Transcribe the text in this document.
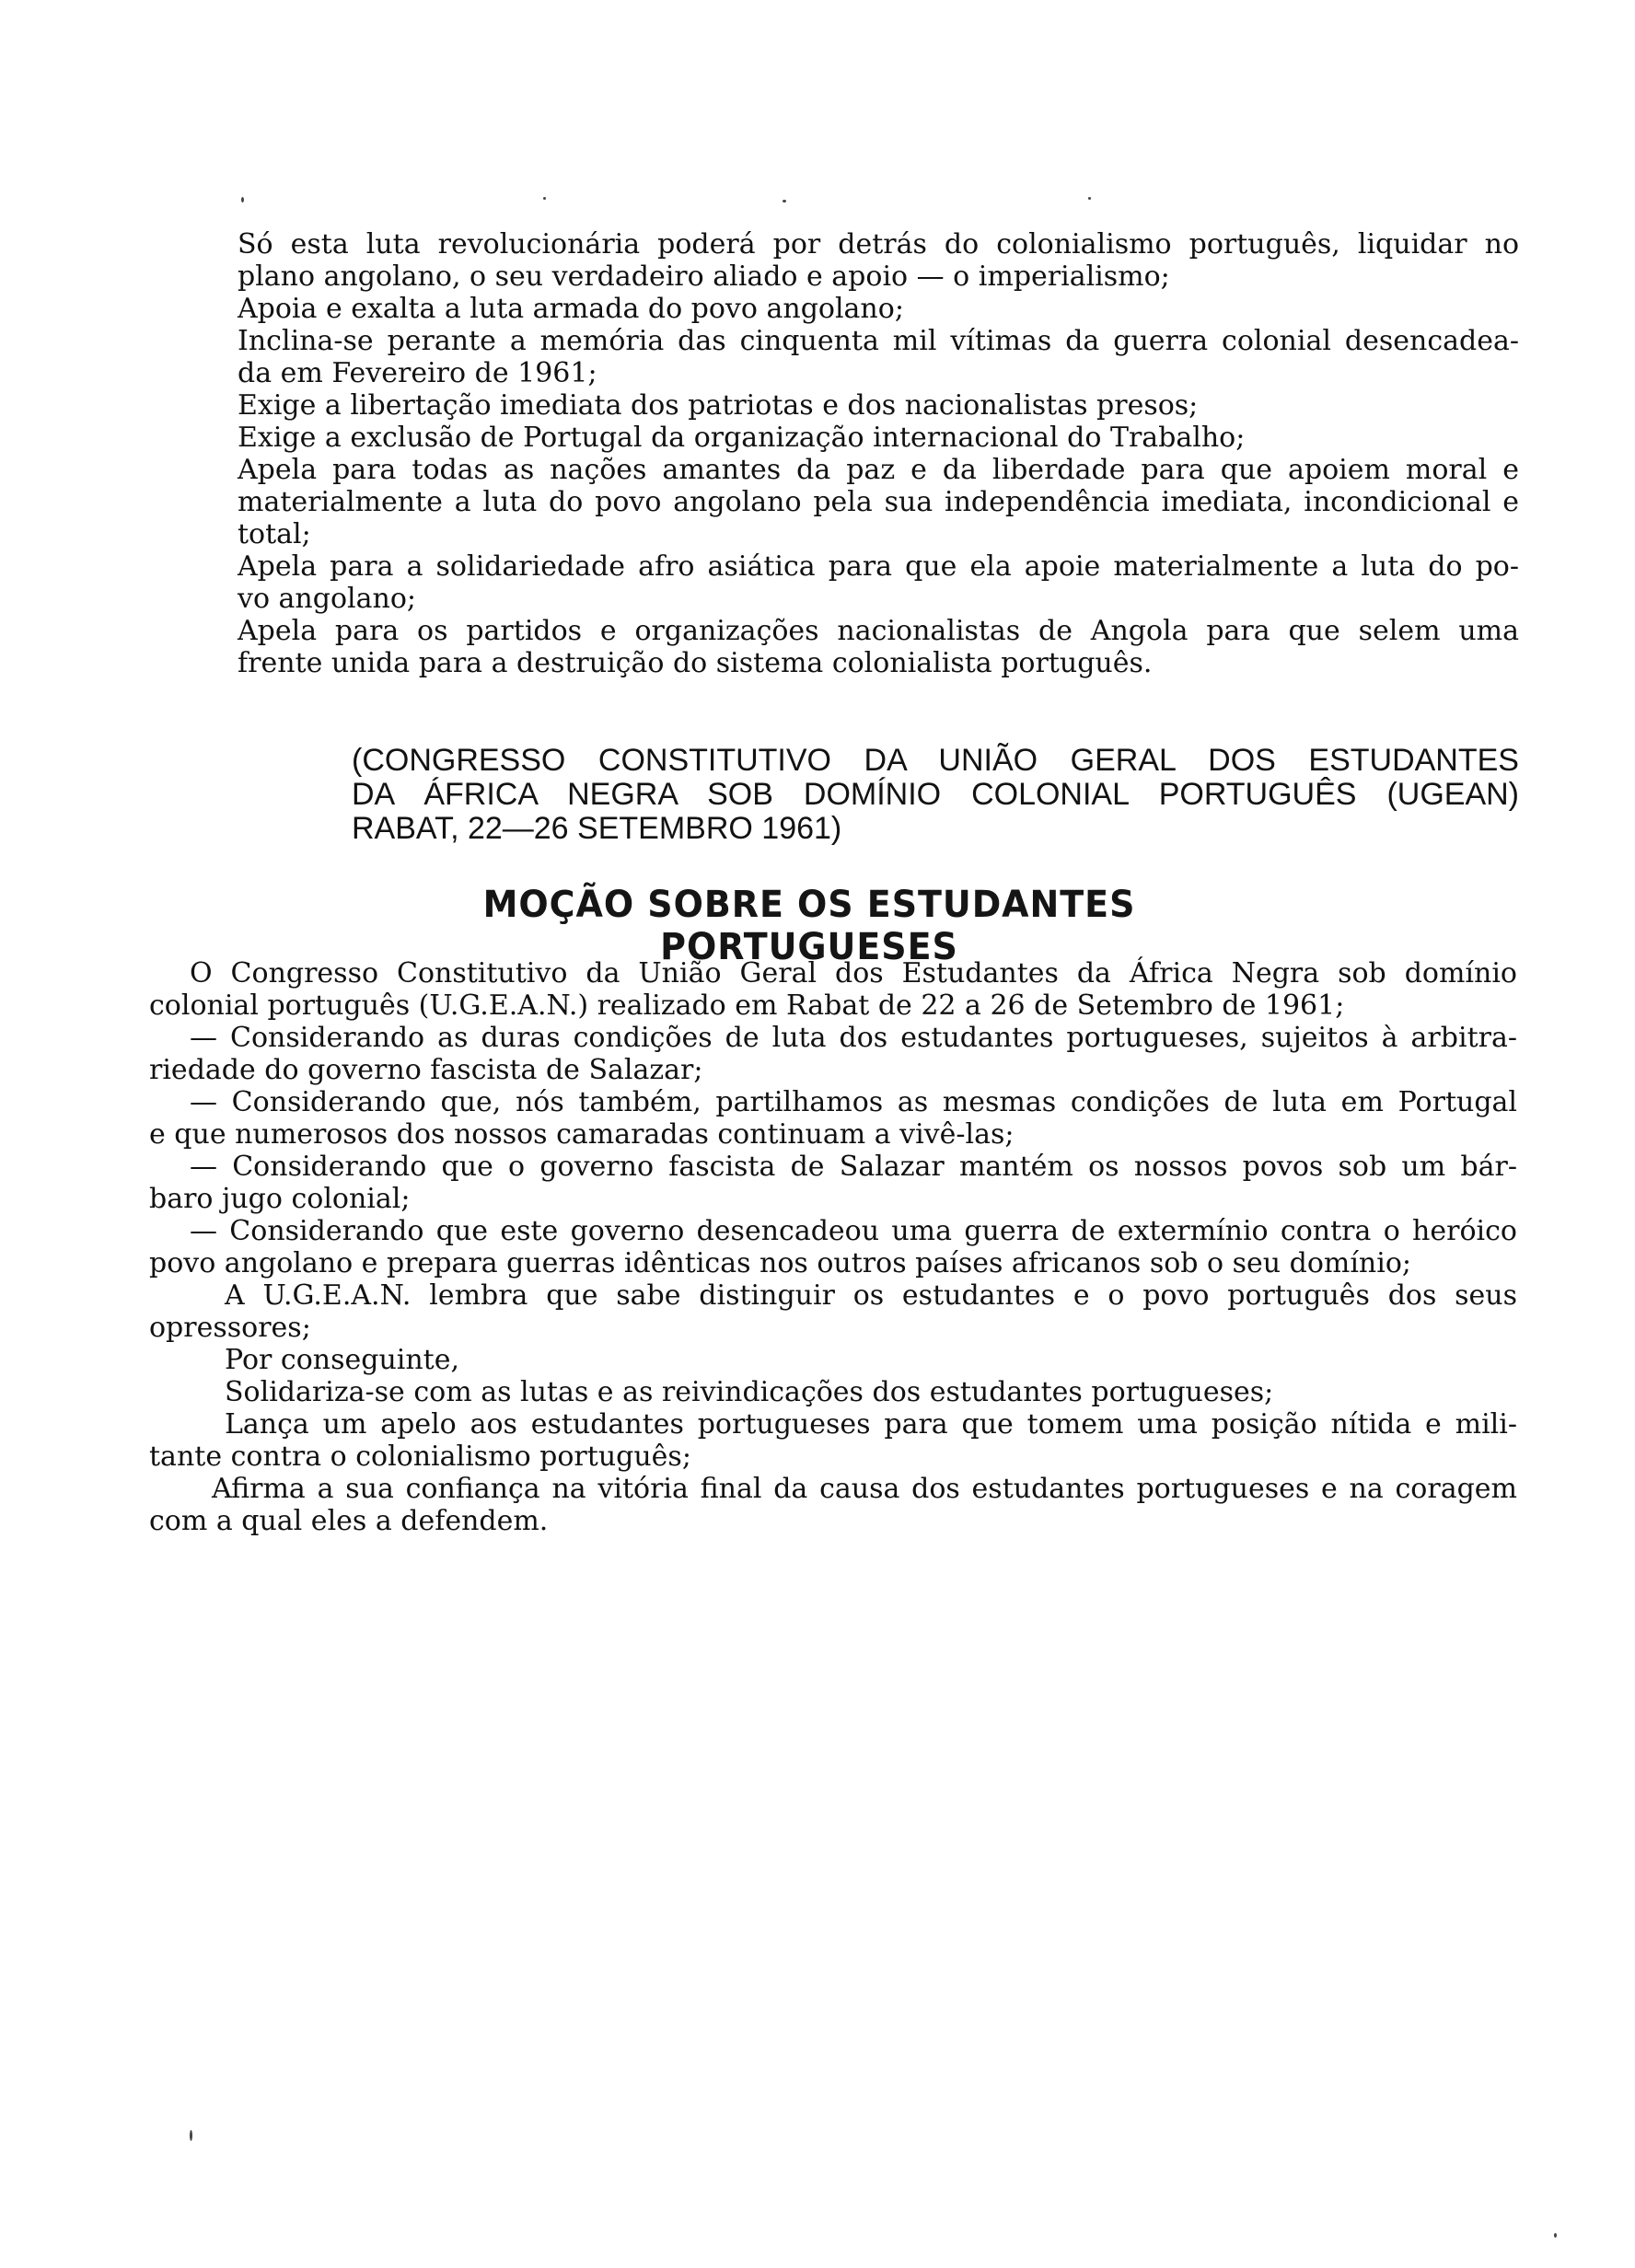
Só esta luta revolucionária poderá por detrás do colonialismo português, liquidar no

plano angolano, o seu verdadeiro aliado e apoio — o imperialismo;

Apoia e exalta a luta armada do povo angolano;

Inclina-se perante a memória das cinquenta mil vítimas da guerra colonial desencadea-

da em Fevereiro de 1961;

Exige a libertação imediata dos patriotas e dos nacionalistas presos;

Exige a exclusão de Portugal da organização internacional do Trabalho;

Apela para todas as nações amantes da paz e da liberdade para que apoiem moral e

materialmente a luta do povo angolano pela sua independência imediata, incondicional e

total;

Apela para a solidariedade afro asiática para que ela apoie materialmente a luta do po-

vo angolano;

Apela para os partidos e organizações nacionalistas de Angola para que selem uma

frente unida para a destruição do sistema colonialista português.

(CONGRESSO CONSTITUTIVO DA UNIÃO GERAL DOS ESTUDANTES

DA ÁFRICA NEGRA SOB DOMÍNIO COLONIAL PORTUGUÊS (UGEAN)

RABAT, 22—26 SETEMBRO 1961)

MOÇÃO SOBRE OS ESTUDANTES PORTUGUESES

O Congresso Constitutivo da União Geral dos Estudantes da África Negra sob domínio

colonial português (U.G.E.A.N.) realizado em Rabat de 22 a 26 de Setembro de 1961;

— Considerando as duras condições de luta dos estudantes portugueses, sujeitos à arbitra-

riedade do governo fascista de Salazar;

— Considerando que, nós também, partilhamos as mesmas condições de luta em Portugal

e que numerosos dos nossos camaradas continuam a vivê-las;

— Considerando que o governo fascista de Salazar mantém os nossos povos sob um bár-

baro jugo colonial;

— Considerando que este governo desencadeou uma guerra de extermínio contra o heróico

povo angolano e prepara guerras idênticas nos outros países africanos sob o seu domínio;

A U.G.E.A.N. lembra que sabe distinguir os estudantes e o povo português dos seus

opressores;

Por conseguinte,

Solidariza-se com as lutas e as reivindicações dos estudantes portugueses;

Lança um apelo aos estudantes portugueses para que tomem uma posição nítida e mili-

tante contra o colonialismo português;

Afirma a sua confiança na vitória final da causa dos estudantes portugueses e na coragem

com a qual eles a defendem.
